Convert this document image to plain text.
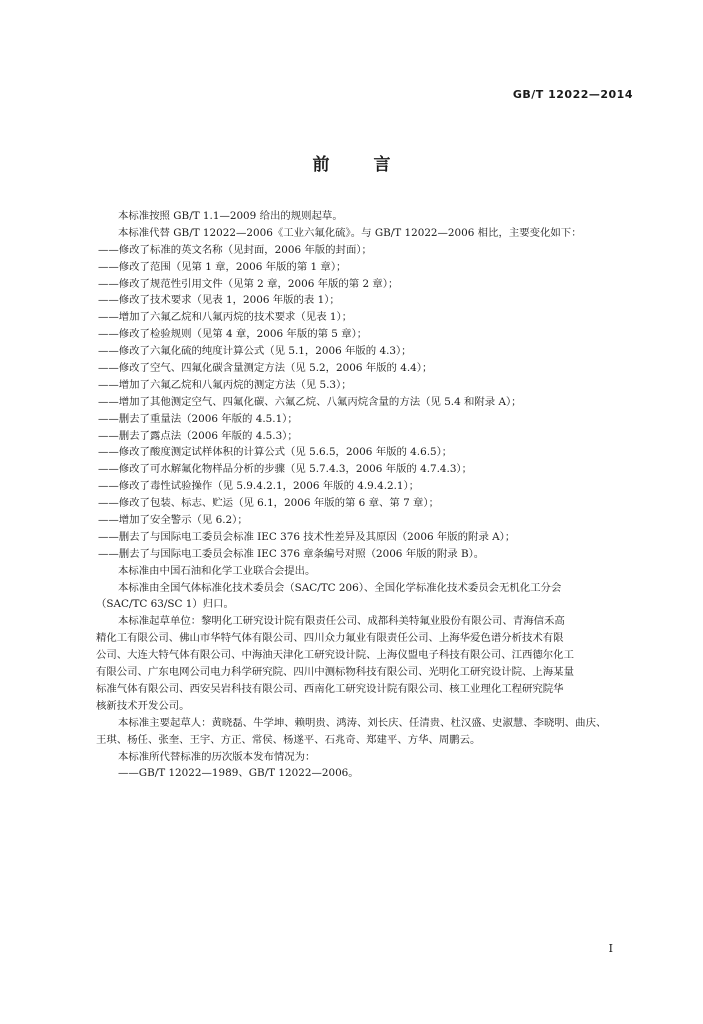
GB/T 12022—2014
前言
本标准按照 GB/T 1.1—2009 给出的规则起草。
本标准代替 GB/T 12022—2006《工业六氟化硫》。与 GB/T 12022—2006 相比，主要变化如下：
——修改了标准的英文名称（见封面，2006 年版的封面）；
——修改了范围（见第 1 章，2006 年版的第 1 章）；
——修改了规范性引用文件（见第 2 章，2006 年版的第 2 章）；
——修改了技术要求（见表 1，2006 年版的表 1）；
——增加了六氟乙烷和八氟丙烷的技术要求（见表 1）；
——修改了检验规则（见第 4 章，2006 年版的第 5 章）；
——修改了六氟化硫的纯度计算公式（见 5.1，2006 年版的 4.3）；
——修改了空气、四氟化碳含量测定方法（见 5.2，2006 年版的 4.4）；
——增加了六氟乙烷和八氟丙烷的测定方法（见 5.3）；
——增加了其他测定空气、四氟化碳、六氟乙烷、八氟丙烷含量的方法（见 5.4 和附录 A）；
——删去了重量法（2006 年版的 4.5.1）；
——删去了露点法（2006 年版的 4.5.3）；
——修改了酸度测定试样体积的计算公式（见 5.6.5，2006 年版的 4.6.5）；
——修改了可水解氟化物样品分析的步骤（见 5.7.4.3，2006 年版的 4.7.4.3）；
——修改了毒性试验操作（见 5.9.4.2.1，2006 年版的 4.9.4.2.1）；
——修改了包装、标志、贮运（见 6.1，2006 年版的第 6 章、第 7 章）；
——增加了安全警示（见 6.2）；
——删去了与国际电工委员会标准 IEC 376 技术性差异及其原因（2006 年版的附录 A）；
——删去了与国际电工委员会标准 IEC 376 章条编号对照（2006 年版的附录 B）。
本标准由中国石油和化学工业联合会提出。
本标准由全国气体标准化技术委员会（SAC/TC 206）、全国化学标准化技术委员会无机化工分会
（SAC/TC 63/SC 1）归口。
本标准起草单位：黎明化工研究设计院有限责任公司、成都科美特氟业股份有限公司、青海信禾高
精化工有限公司、佛山市华特气体有限公司、四川众力氟业有限责任公司、上海华爱色谱分析技术有限
公司、大连大特气体有限公司、中海油天津化工研究设计院、上海仪盟电子科技有限公司、江西德尔化工
有限公司、广东电网公司电力科学研究院、四川中测标物科技有限公司、光明化工研究设计院、上海某量
标准气体有限公司、西安吴岩科技有限公司、西南化工研究设计院有限公司、核工业理化工程研究院华
核新技术开发公司。
本标准主要起草人：黄晓磊、牛学坤、赖明贵、鸿涛、刘长庆、任清贵、杜汉盛、史淑慧、李晓明、曲庆、
王琪、杨任、张奎、王宇、方正、常侯、杨遂平、石兆奇、郑建平、方华、周鹏云。
本标准所代替标准的历次版本发布情况为：
——GB/T 12022—1989、GB/T 12022—2006。
I
